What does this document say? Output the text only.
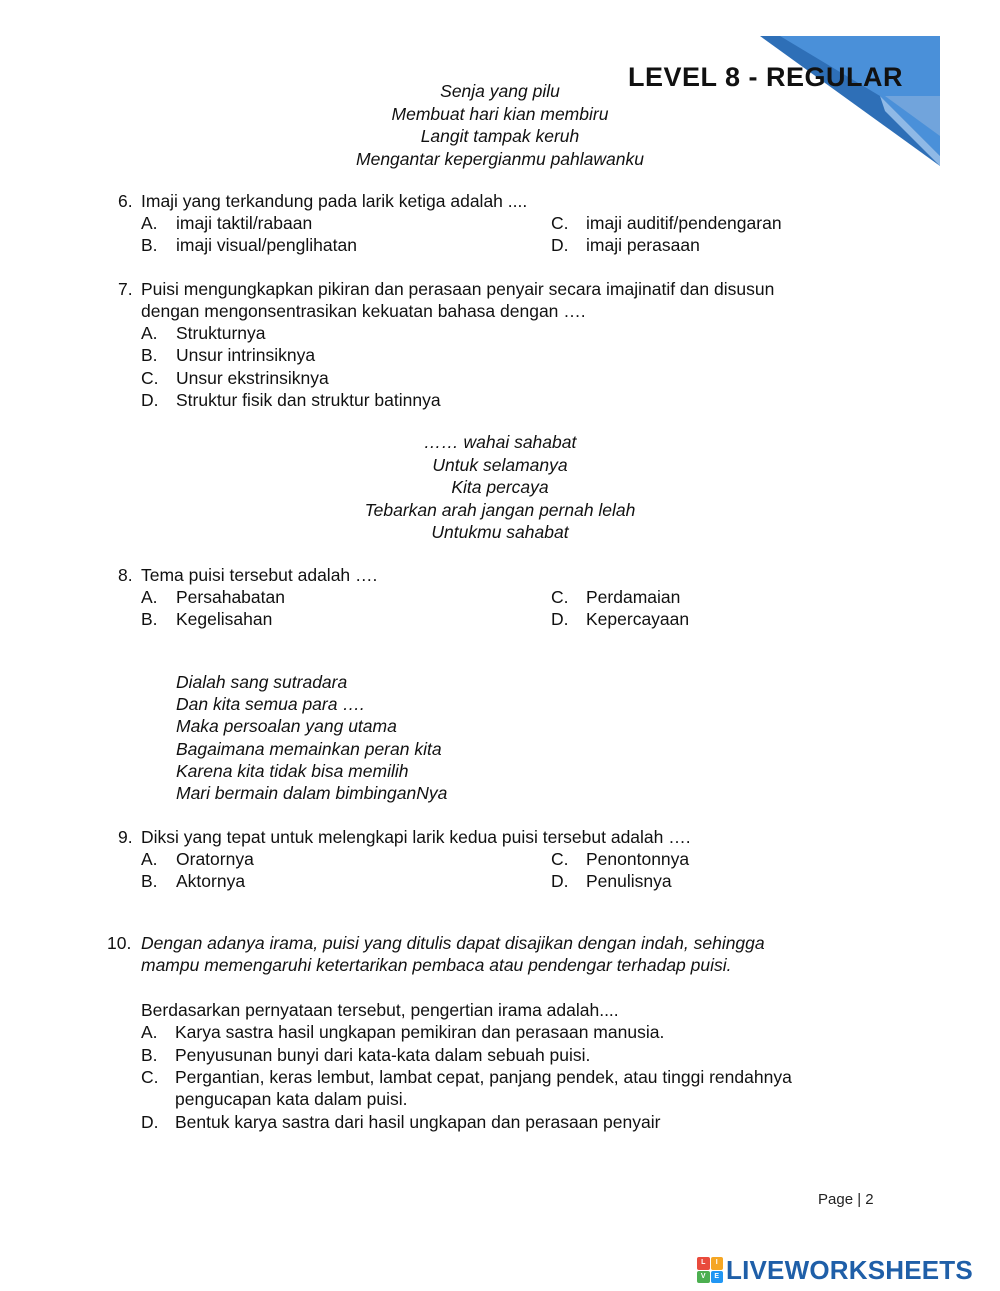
LEVEL 8 - REGULAR
Senja yang pilu
Membuat hari kian membiru
Langit tampak keruh
Mengantar kepergianmu pahlawanku
6. Imaji yang terkandung pada larik ketiga adalah ....
A. imaji taktil/rabaan
B. imaji visual/penglihatan
C. imaji auditif/pendengaran
D. imaji perasaan
7. Puisi mengungkapkan pikiran dan perasaan penyair secara imajinatif dan disusun
dengan mengonsentrasikan kekuatan bahasa dengan ….
A. Strukturnya
B. Unsur intrinsiknya
C. Unsur ekstrinsiknya
D. Struktur fisik dan struktur batinnya
…… wahai sahabat
Untuk selamanya
Kita percaya
Tebarkan arah jangan pernah lelah
Untukmu sahabat
8. Tema puisi tersebut adalah ….
A. Persahabatan
B. Kegelisahan
C. Perdamaian
D. Kepercayaan
Dialah sang sutradara
Dan kita semua para ….
Maka persoalan yang utama
Bagaimana memainkan peran kita
Karena kita tidak bisa memilih
Mari bermain dalam bimbinganNya
9. Diksi yang tepat untuk melengkapi larik kedua puisi tersebut adalah ….
A. Oratornya
B. Aktornya
C. Penontonnya
D. Penulisnya
10. Dengan adanya irama, puisi yang ditulis dapat disajikan dengan indah, sehingga
mampu memengaruhi ketertarikan pembaca atau pendengar terhadap puisi.
Berdasarkan pernyataan tersebut, pengertian irama adalah....
A. Karya sastra hasil ungkapan pemikiran dan perasaan manusia.
B. Penyusunan bunyi dari kata-kata dalam sebuah puisi.
C. Pergantian, keras lembut, lambat cepat, panjang pendek, atau tinggi rendahnya
pengucapan kata dalam puisi.
D. Bentuk karya sastra dari hasil ungkapan dan perasaan penyair
Page | 2
L	I
V	E LIVEWORKSHEETS
